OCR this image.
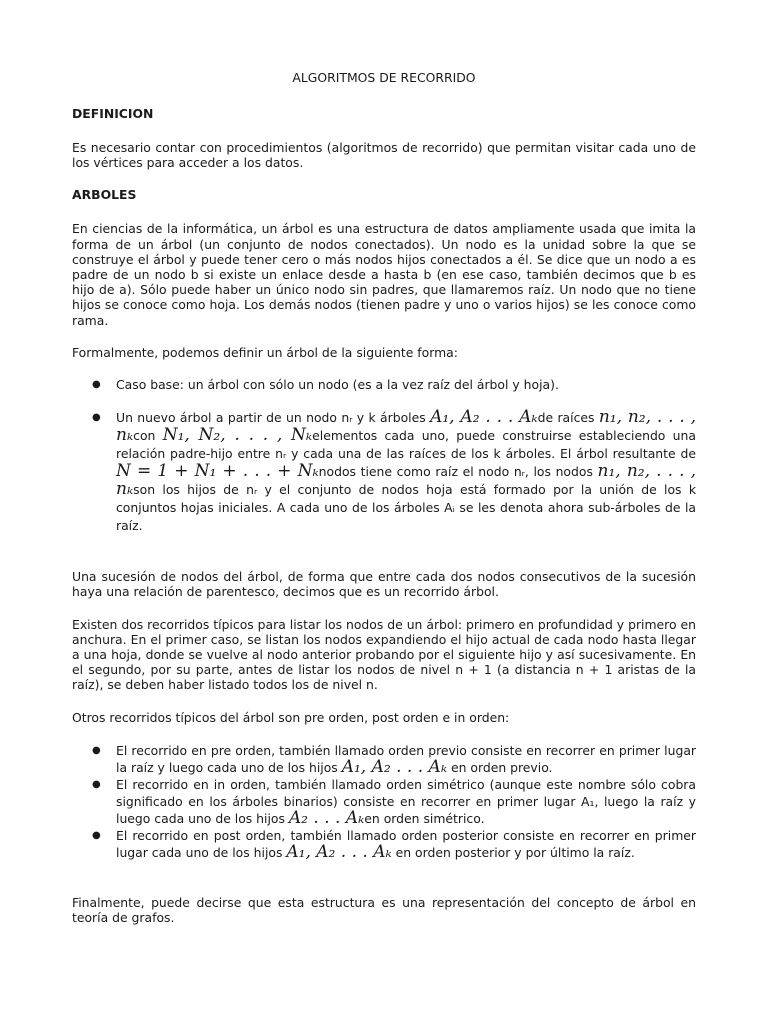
ALGORITMOS DE RECORRIDO
DEFINICION

Es necesario contar con procedimientos (algoritmos de recorrido) que permitan visitar cada uno de los vértices para acceder a los datos.

ARBOLES

En ciencias de la informática, un árbol es una estructura de datos ampliamente usada que imita la forma de un árbol (un conjunto de nodos conectados). Un nodo es la unidad sobre la que se construye el árbol y puede tener cero o más nodos hijos conectados a él. Se dice que un nodo a es padre de un nodo b si existe un enlace desde a hasta b (en ese caso, también decimos que b es hijo de a). Sólo puede haber un único nodo sin padres, que llamaremos raíz. Un nodo que no tiene hijos se conoce como hoja. Los demás nodos (tienen padre y uno o varios hijos) se les conoce como rama.

Formalmente, podemos definir un árbol de la siguiente forma:

● Caso base: un árbol con sólo un nodo (es a la vez raíz del árbol y hoja).
● Un nuevo árbol a partir de un nodo nᵣ y k árboles A₁, A₂ . . . Aₖde raíces n₁, n₂, . . . , nₖcon N₁, N₂, . . . , Nₖelementos cada uno, puede construirse estableciendo una relación padre-hijo entre nᵣ y cada una de las raíces de los k árboles. El árbol resultante de N = 1 + N₁ + . . . + Nₖnodos tiene como raíz el nodo nᵣ, los nodos n₁, n₂, . . . , nₖson los hijos de nᵣ y el conjunto de nodos hoja está formado por la unión de los k conjuntos hojas iniciales. A cada uno de los árboles Aᵢ se les denota ahora sub-árboles de la raíz.

Una sucesión de nodos del árbol, de forma que entre cada dos nodos consecutivos de la sucesión haya una relación de parentesco, decimos que es un recorrido árbol.

Existen dos recorridos típicos para listar los nodos de un árbol: primero en profundidad y primero en anchura. En el primer caso, se listan los nodos expandiendo el hijo actual de cada nodo hasta llegar a una hoja, donde se vuelve al nodo anterior probando por el siguiente hijo y así sucesivamente. En el segundo, por su parte, antes de listar los nodos de nivel n + 1 (a distancia n + 1 aristas de la raíz), se deben haber listado todos los de nivel n.

Otros recorridos típicos del árbol son pre orden, post orden e in orden:

● El recorrido en pre orden, también llamado orden previo consiste en recorrer en primer lugar la raíz y luego cada uno de los hijos A₁, A₂ . . . Aₖ en orden previo.
● El recorrido en in orden, también llamado orden simétrico (aunque este nombre sólo cobra significado en los árboles binarios) consiste en recorrer en primer lugar A₁, luego la raíz y luego cada uno de los hijos A₂ . . . Aₖen orden simétrico.
● El recorrido en post orden, también llamado orden posterior consiste en recorrer en primer lugar cada uno de los hijos A₁, A₂ . . . Aₖ en orden posterior y por último la raíz.

Finalmente, puede decirse que esta estructura es una representación del concepto de árbol en teoría de grafos.
